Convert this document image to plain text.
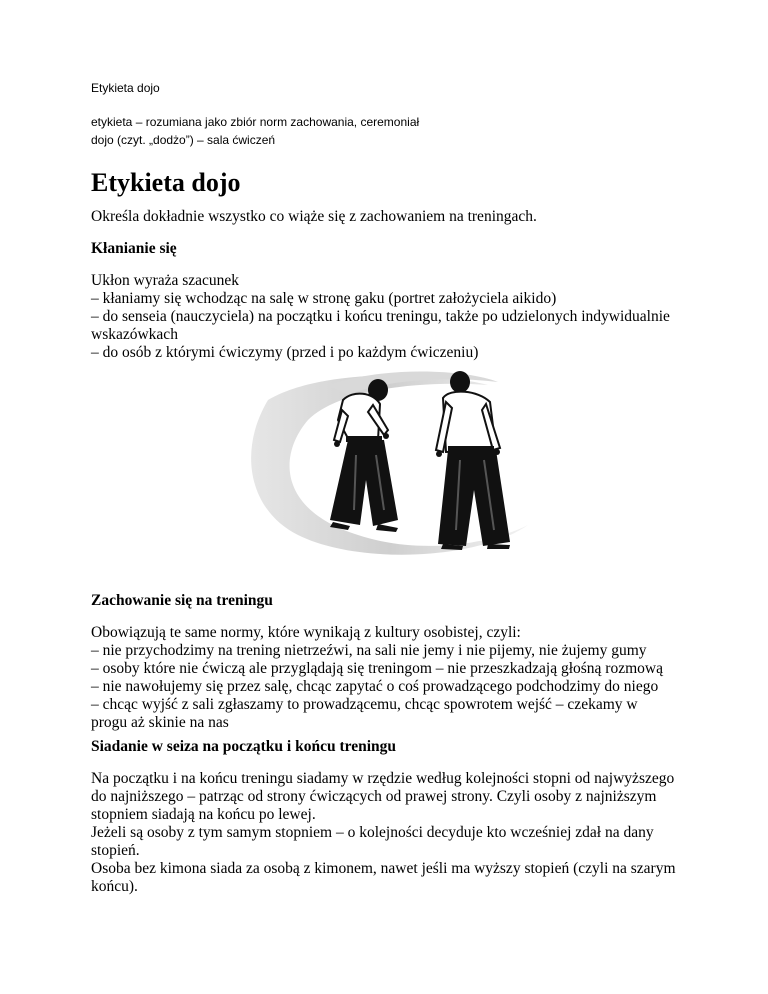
Etykieta dojo
etykieta – rozumiana jako zbiór norm zachowania, ceremoniał
dojo (czyt. „dodżo”) – sala ćwiczeń
Etykieta dojo
Określa dokładnie wszystko co wiąże się z zachowaniem na treningach.
Kłanianie się
Ukłon wyraża szacunek
– kłaniamy się wchodząc na salę w stronę gaku (portret założyciela aikido)
– do senseia (nauczyciela) na początku i końcu treningu, także po udzielonych indywidualnie
wskazówkach
– do osób z którymi ćwiczymy (przed i po każdym ćwiczeniu)
Zachowanie się na treningu
Obowiązują te same normy, które wynikają z kultury osobistej, czyli:
– nie przychodzimy na trening nietrzeźwi, na sali nie jemy i nie pijemy, nie żujemy gumy
– osoby które nie ćwiczą ale przyglądają się treningom – nie przeszkadzają głośną rozmową
– nie nawołujemy się przez salę, chcąc zapytać o coś prowadzącego podchodzimy do niego
– chcąc wyjść z sali zgłaszamy to prowadzącemu, chcąc spowrotem wejść – czekamy w
progu aż skinie na nas
Siadanie w seiza na początku i końcu treningu
Na początku i na końcu treningu siadamy w rzędzie według kolejności stopni od najwyższego
do najniższego – patrząc od strony ćwiczących od prawej strony. Czyli osoby z najniższym
stopniem siadają na końcu po lewej.
Jeżeli są osoby z tym samym stopniem – o kolejności decyduje kto wcześniej zdał na dany
stopień.
Osoba bez kimona siada za osobą z kimonem, nawet jeśli ma wyższy stopień (czyli na szarym
końcu).
